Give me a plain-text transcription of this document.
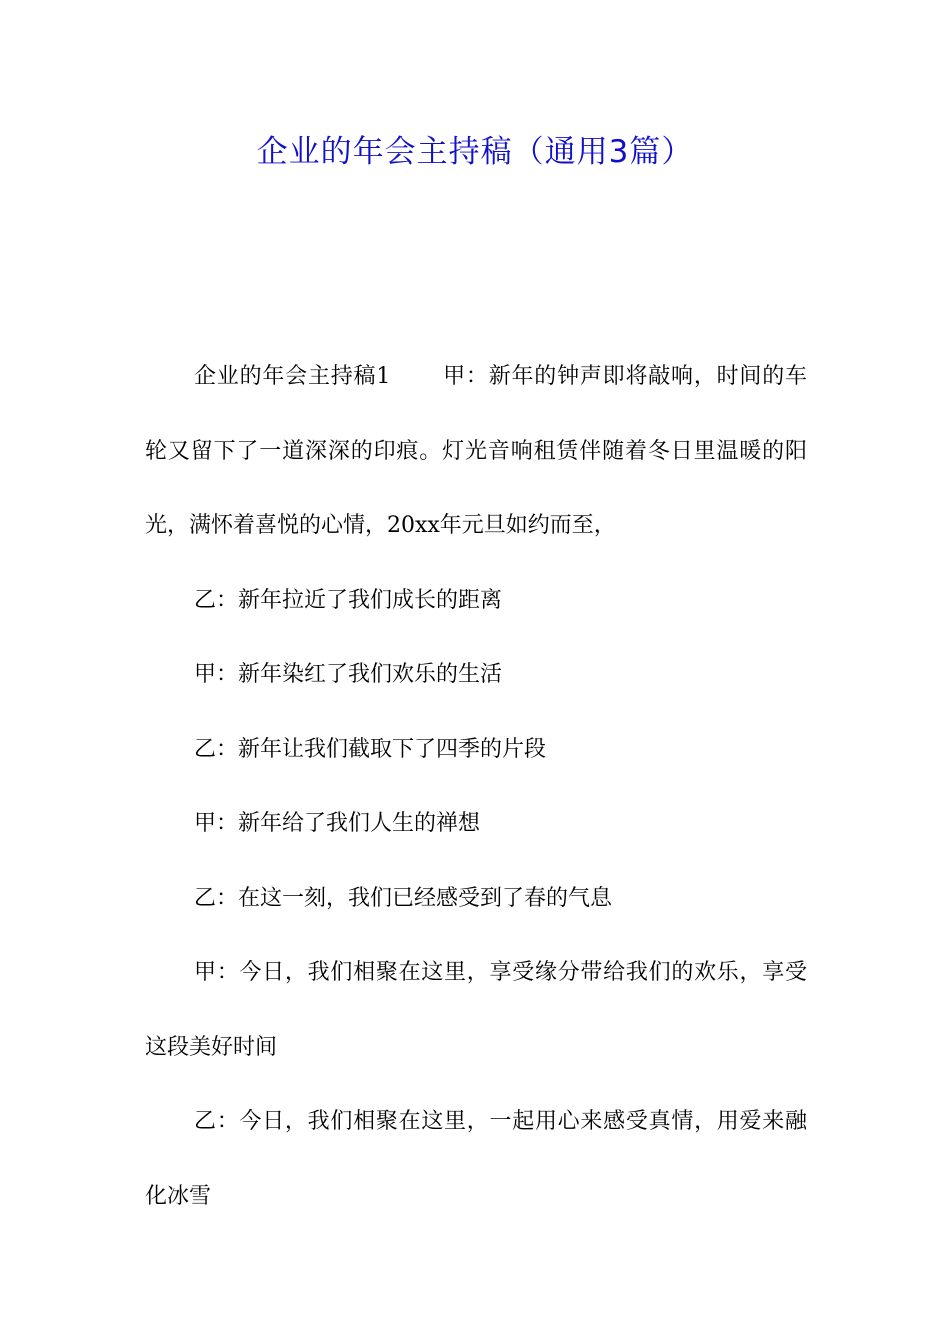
企业的年会主持稿（通用3篇）

企业的年会主持稿1 甲：新年的钟声即将敲响，时间的车轮又留下了一道深深的印痕。灯光音响租赁伴随着冬日里温暖的阳光，满怀着喜悦的心情，20xx年元旦如约而至，

乙：新年拉近了我们成长的距离

甲：新年染红了我们欢乐的生活

乙：新年让我们截取下了四季的片段

甲：新年给了我们人生的禅想

乙：在这一刻，我们已经感受到了春的气息

甲：今日，我们相聚在这里，享受缘分带给我们的欢乐，享受这段美好时间

乙：今日，我们相聚在这里，一起用心来感受真情，用爱来融化冰雪
